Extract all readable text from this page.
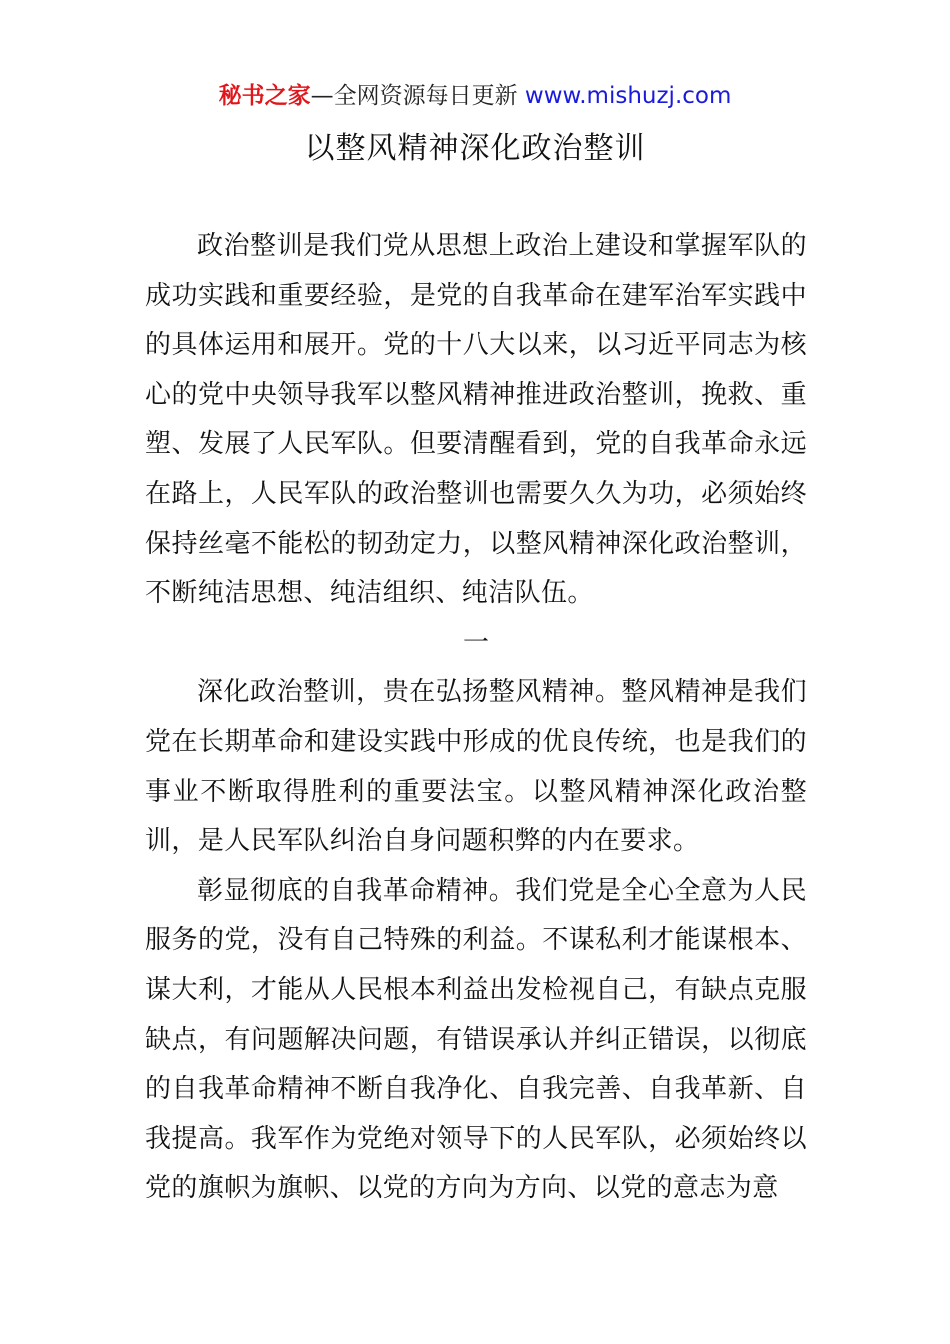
秘书之家—全网资源每日更新 www.mishuzj.com
以整风精神深化政治整训

政治整训是我们党从思想上政治上建设和掌握军队的成功实践和重要经验，是党的自我革命在建军治军实践中的具体运用和展开。党的十八大以来，以习近平同志为核心的党中央领导我军以整风精神推进政治整训，挽救、重塑、发展了人民军队。但要清醒看到，党的自我革命永远在路上，人民军队的政治整训也需要久久为功，必须始终保持丝毫不能松的韧劲定力，以整风精神深化政治整训，不断纯洁思想、纯洁组织、纯洁队伍。

一

深化政治整训，贵在弘扬整风精神。整风精神是我们党在长期革命和建设实践中形成的优良传统，也是我们的事业不断取得胜利的重要法宝。以整风精神深化政治整训，是人民军队纠治自身问题积弊的内在要求。

彰显彻底的自我革命精神。我们党是全心全意为人民服务的党，没有自己特殊的利益。不谋私利才能谋根本、谋大利，才能从人民根本利益出发检视自己，有缺点克服缺点，有问题解决问题，有错误承认并纠正错误，以彻底的自我革命精神不断自我净化、自我完善、自我革新、自我提高。我军作为党绝对领导下的人民军队，必须始终以党的旗帜为旗帜、以党的方向为方向、以党的意志为意
